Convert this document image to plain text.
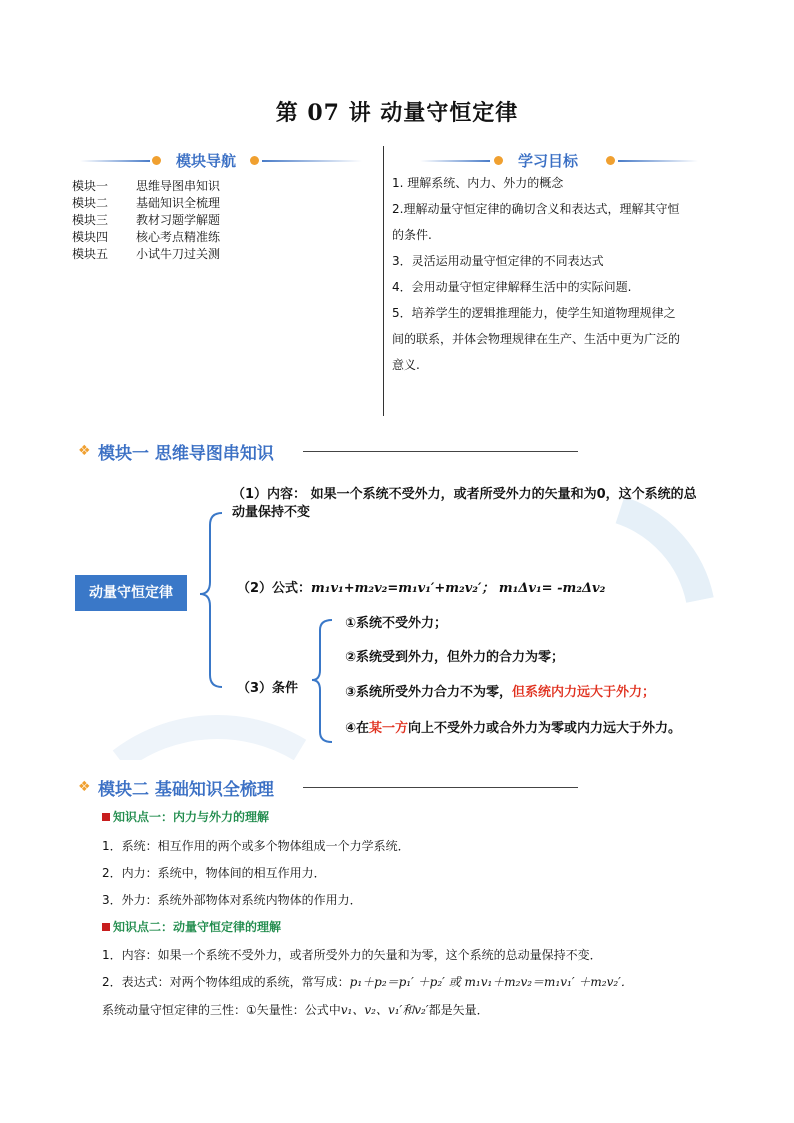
第 07 讲 动量守恒定律
模块导航
模块一	思维导图串知识
模块二	基础知识全梳理
模块三	教材习题学解题
模块四	核心考点精准练
模块五	小试牛刀过关测
学习目标
1. 理解系统、内力、外力的概念
2.理解动量守恒定律的确切含义和表达式，理解其守恒
的条件.
3．灵活运用动量守恒定律的不同表达式
4．会用动量守恒定律解释生活中的实际问题.
5．培养学生的逻辑推理能力，使学生知道物理规律之
间的联系，并体会物理规律在生产、生活中更为广泛的
意义.
❖ 模块一 思维导图串知识
动量守恒定律
（1）内容： 如果一个系统不受外力，或者所受外力的矢量和为0，这个系统的总
动量保持不变
（2）公式：m₁v₁+m₂v₂=m₁v₁′+m₂v₂′； m₁Δv₁= -m₂Δv₂
（3）条件
①系统不受外力；
②系统受到外力，但外力的合力为零；
③系统所受外力合力不为零，但系统内力远大于外力；
④在某一方向上不受外力或合外力为零或内力远大于外力。
❖ 模块二 基础知识全梳理
知识点一：内力与外力的理解
1．系统：相互作用的两个或多个物体组成一个力学系统．
2．内力：系统中，物体间的相互作用力．
3．外力：系统外部物体对系统内物体的作用力．
知识点二：动量守恒定律的理解
1．内容：如果一个系统不受外力，或者所受外力的矢量和为零，这个系统的总动量保持不变．
2．表达式：对两个物体组成的系统，常写成：p₁＋p₂＝p₁′ ＋p₂′ 或 m₁v₁＋m₂v₂＝m₁v₁′ ＋m₂v₂′．
系统动量守恒定律的三性：①矢量性：公式中v₁、v₂、v₁′和v₂′都是矢量．
